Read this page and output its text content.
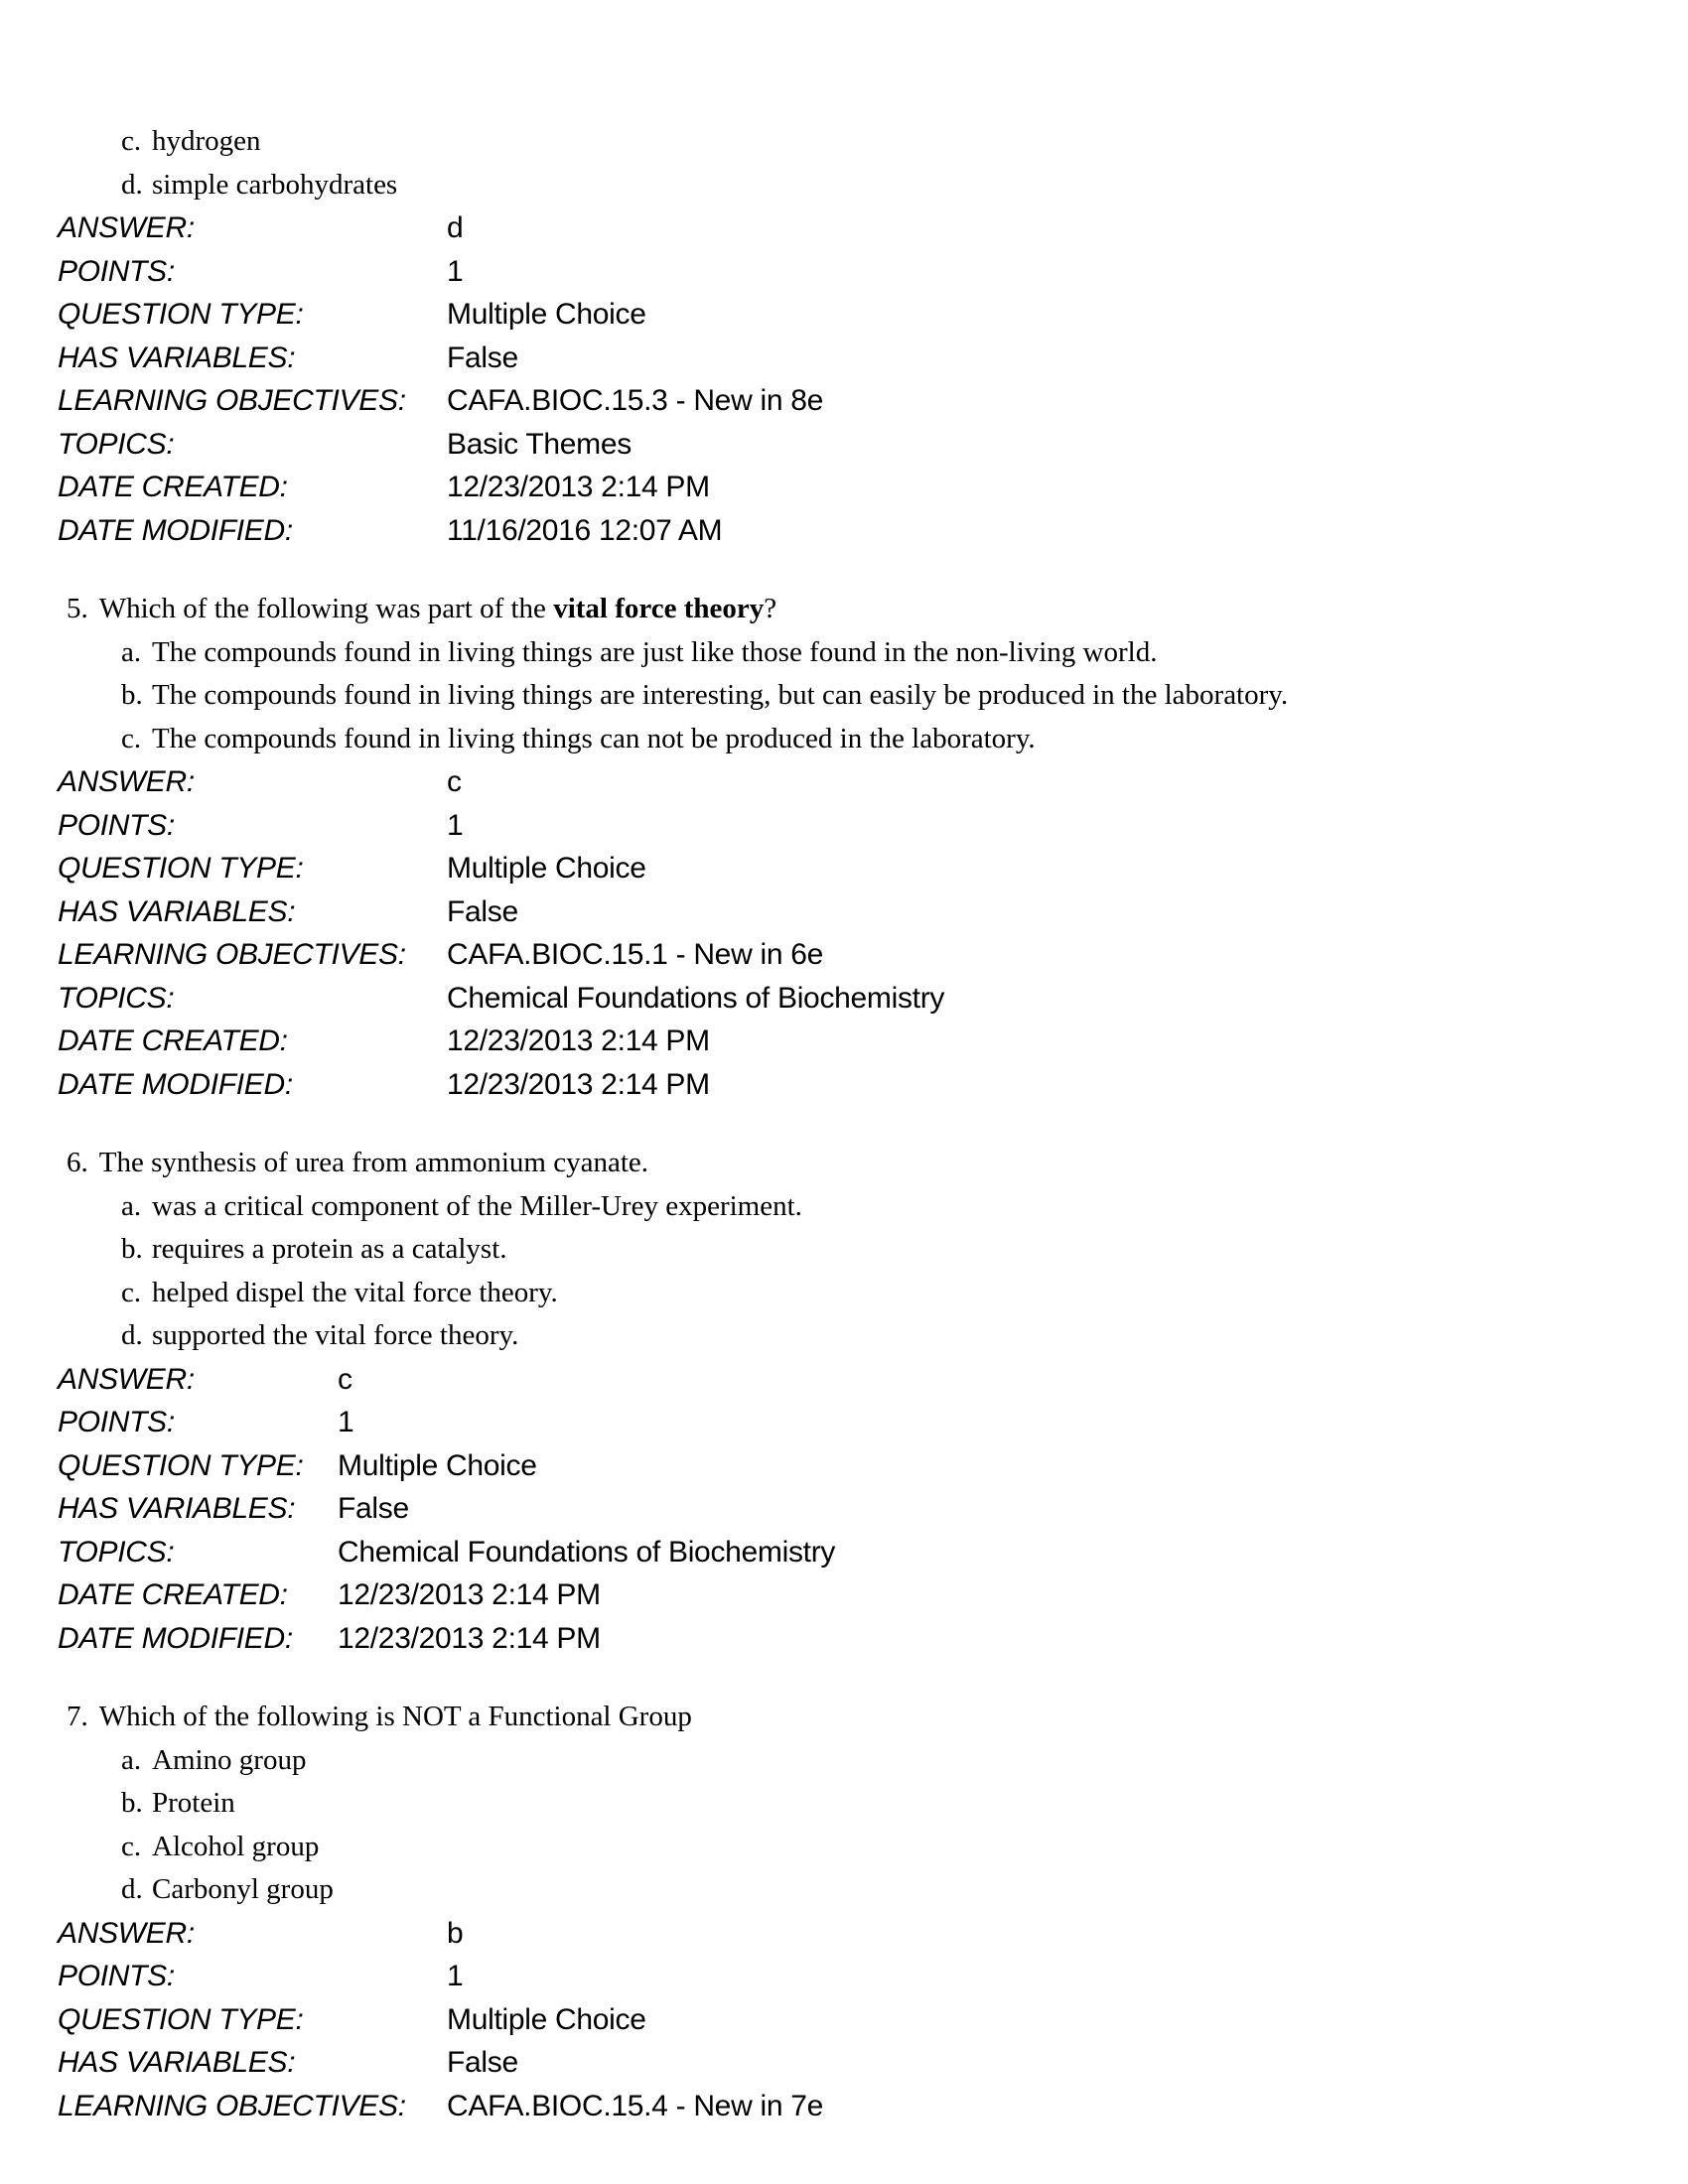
c. hydrogen
d. simple carbohydrates
ANSWER:	d
POINTS:	1
QUESTION TYPE:	Multiple Choice
HAS VARIABLES:	False
LEARNING OBJECTIVES:	CAFA.BIOC.15.3 - New in 8e
TOPICS:	Basic Themes
DATE CREATED:	12/23/2013 2:14 PM
DATE MODIFIED:	11/16/2016 12:07 AM
5. Which of the following was part of the vital force theory?
a. The compounds found in living things are just like those found in the non-living world.
b. The compounds found in living things are interesting, but can easily be produced in the laboratory.
c. The compounds found in living things can not be produced in the laboratory.
ANSWER:	c
POINTS:	1
QUESTION TYPE:	Multiple Choice
HAS VARIABLES:	False
LEARNING OBJECTIVES:	CAFA.BIOC.15.1 - New in 6e
TOPICS:	Chemical Foundations of Biochemistry
DATE CREATED:	12/23/2013 2:14 PM
DATE MODIFIED:	12/23/2013 2:14 PM
6. The synthesis of urea from ammonium cyanate.
a. was a critical component of the Miller-Urey experiment.
b. requires a protein as a catalyst.
c. helped dispel the vital force theory.
d. supported the vital force theory.
ANSWER:	c
POINTS:	1
QUESTION TYPE:	Multiple Choice
HAS VARIABLES:	False
TOPICS:	Chemical Foundations of Biochemistry
DATE CREATED:	12/23/2013 2:14 PM
DATE MODIFIED:	12/23/2013 2:14 PM
7. Which of the following is NOT a Functional Group
a. Amino group
b. Protein
c. Alcohol group
d. Carbonyl group
ANSWER:	b
POINTS:	1
QUESTION TYPE:	Multiple Choice
HAS VARIABLES:	False
LEARNING OBJECTIVES:	CAFA.BIOC.15.4 - New in 7e
